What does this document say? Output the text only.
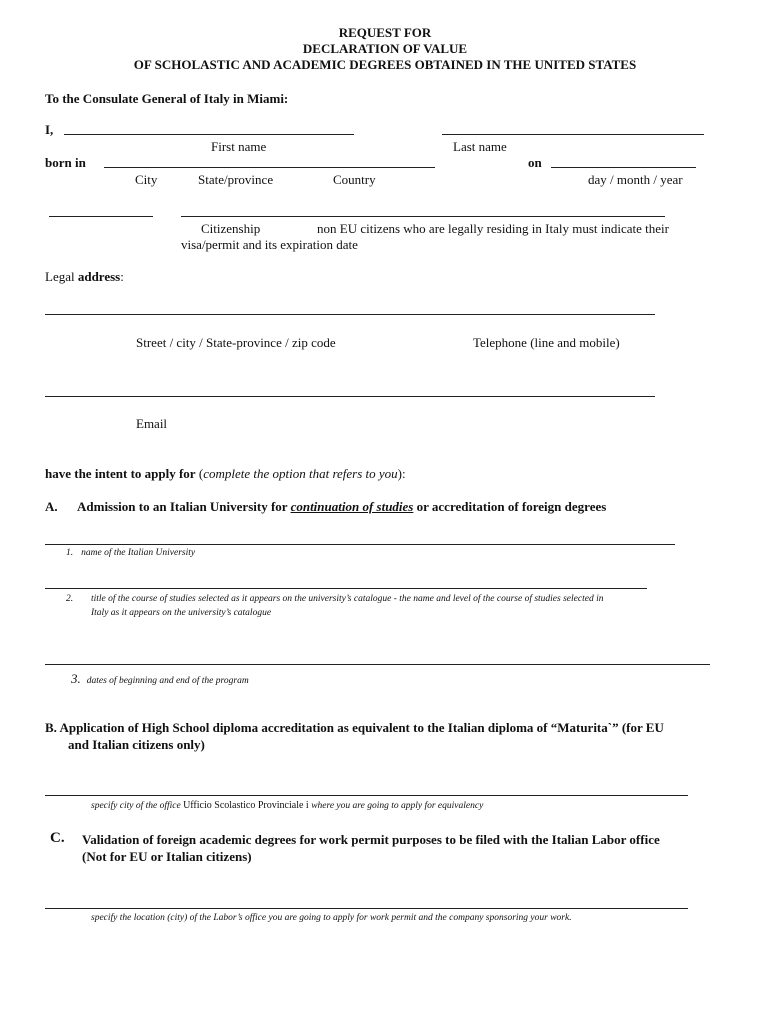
REQUEST FOR
DECLARATION OF VALUE
OF SCHOLASTIC AND ACADEMIC DEGREES OBTAINED IN THE UNITED STATES
To the Consulate General of Italy in Miami:
I,
First name	Last name
born in	on
City	State/province	Country	day / month / year
Citizenship	non EU citizens who are legally residing in Italy must indicate their
visa/permit and its expiration date
Legal address:
Street / city / State-province / zip code	Telephone (line and mobile)
Email
have the intent to apply for (complete the option that refers to you):
A. Admission to an Italian University for continuation of studies or accreditation of foreign degrees
1. name of the Italian University
2. title of the course of studies selected as it appears on the university’s catalogue - the name and level of the course of studies selected in
Italy as it appears on the university’s catalogue
3. dates of beginning and end of the program
B. Application of High School diploma accreditation as equivalent to the Italian diploma of “Maturita`” (for EU
and Italian citizens only)
specify city of the office Ufficio Scolastico Provinciale i where you are going to apply for equivalency
C. Validation of foreign academic degrees for work permit purposes to be filed with the Italian Labor office
(Not for EU or Italian citizens)
specify the location (city) of the Labor’s office you are going to apply for work permit and the company sponsoring your work.
